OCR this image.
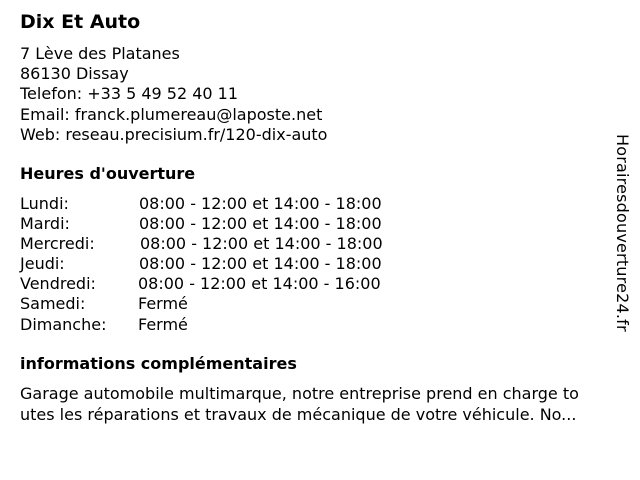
Dix Et Auto
7 Lève des Platanes
86130 Dissay
Telefon: +33 5 49 52 40 11
Email: franck.plumereau@laposte.net
Web: reseau.precisium.fr/120-dix-auto
Heures d'ouverture
Lundi:	08:00 - 12:00 et 14:00 - 18:00
Mardi:	08:00 - 12:00 et 14:00 - 18:00
Mercredi:	08:00 - 12:00 et 14:00 - 18:00
Jeudi:	08:00 - 12:00 et 14:00 - 18:00
Vendredi:	08:00 - 12:00 et 14:00 - 16:00
Samedi:	Fermé
Dimanche: Fermé
informations complémentaires
Garage automobile multimarque, notre entreprise prend en charge to
utes les réparations et travaux de mécanique de votre véhicule. No...
Horairesdouverture24.fr
